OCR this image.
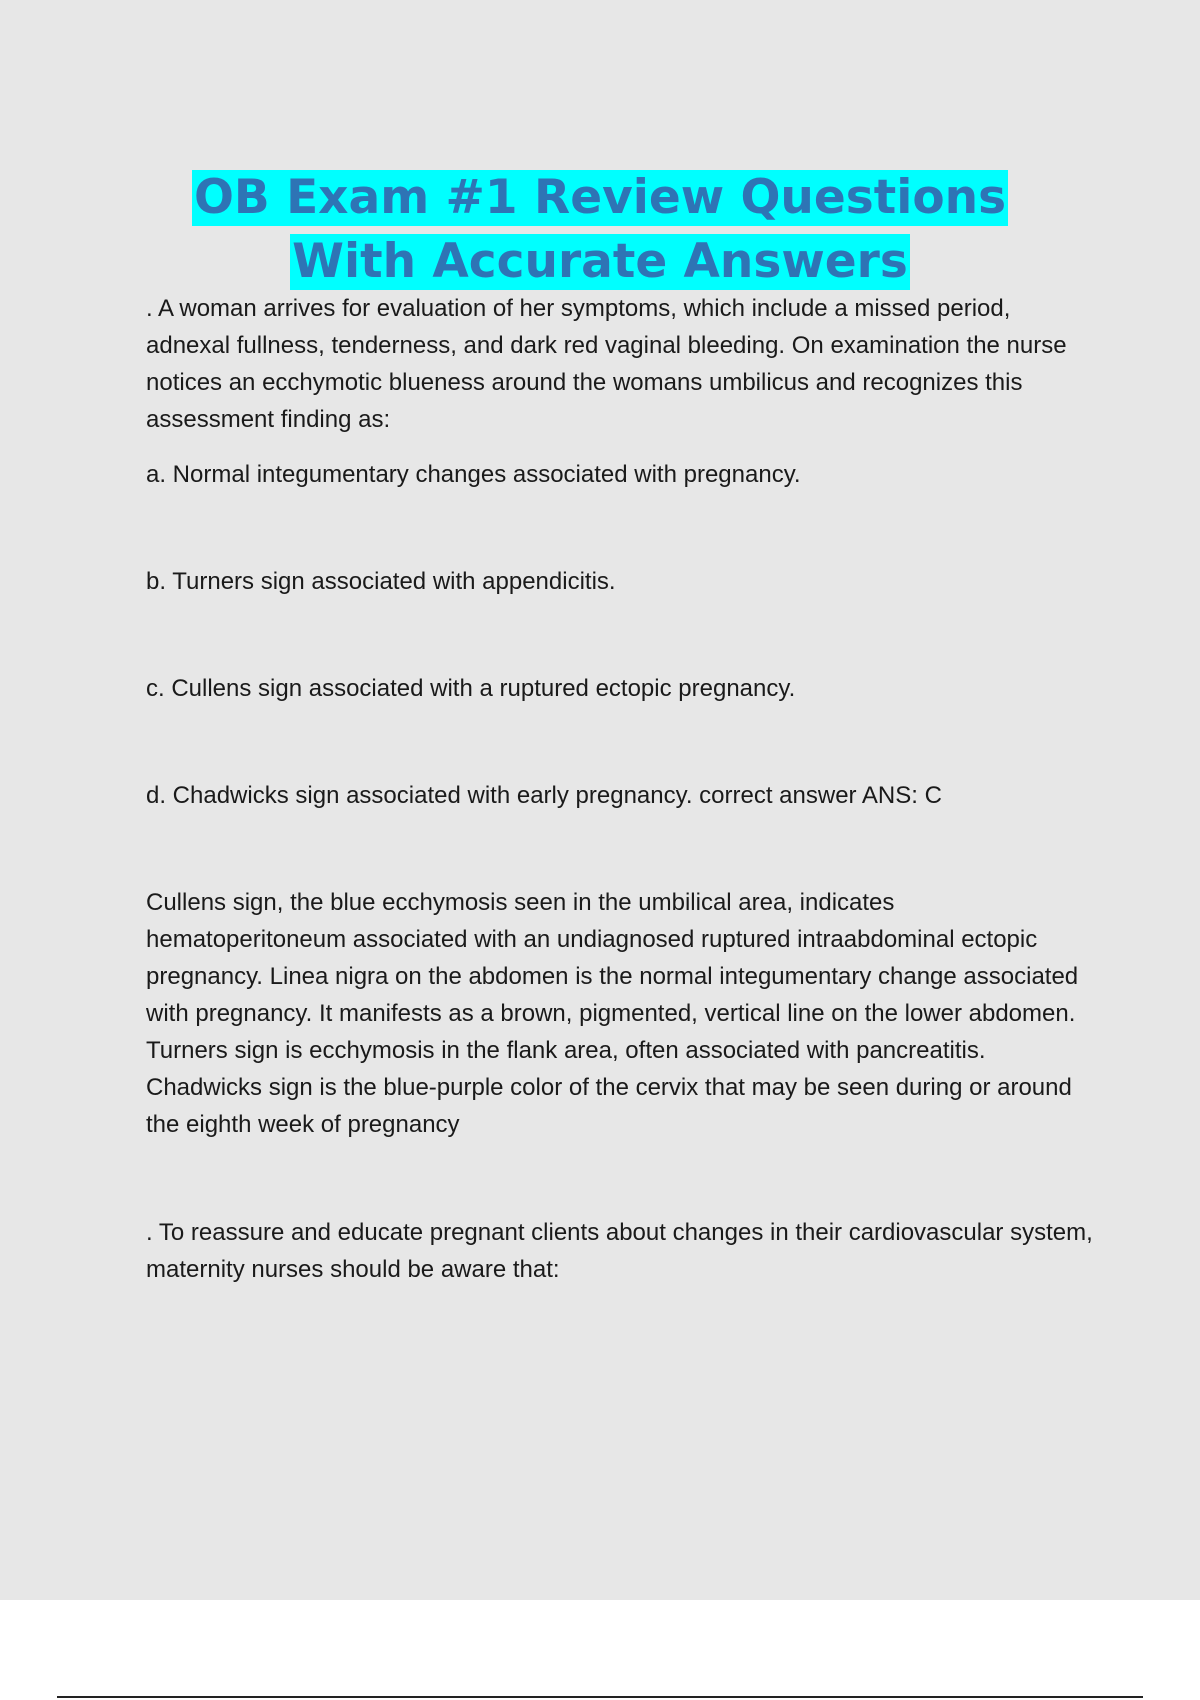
OB Exam #1 Review Questions
With Accurate Answers

. A woman arrives for evaluation of her symptoms, which include a missed period, adnexal fullness, tenderness, and dark red vaginal bleeding. On examination the nurse notices an ecchymotic blueness around the womans umbilicus and recognizes this assessment finding as:

a. Normal integumentary changes associated with pregnancy.

b. Turners sign associated with appendicitis.

c. Cullens sign associated with a ruptured ectopic pregnancy.

d. Chadwicks sign associated with early pregnancy. correct answer ANS: C

Cullens sign, the blue ecchymosis seen in the umbilical area, indicates hematoperitoneum associated with an undiagnosed ruptured intraabdominal ectopic pregnancy. Linea nigra on the abdomen is the normal integumentary change associated with pregnancy. It manifests as a brown, pigmented, vertical line on the lower abdomen. Turners sign is ecchymosis in the flank area, often associated with pancreatitis. Chadwicks sign is the blue-purple color of the cervix that may be seen during or around the eighth week of pregnancy

. To reassure and educate pregnant clients about changes in their cardiovascular system, maternity nurses should be aware that:
